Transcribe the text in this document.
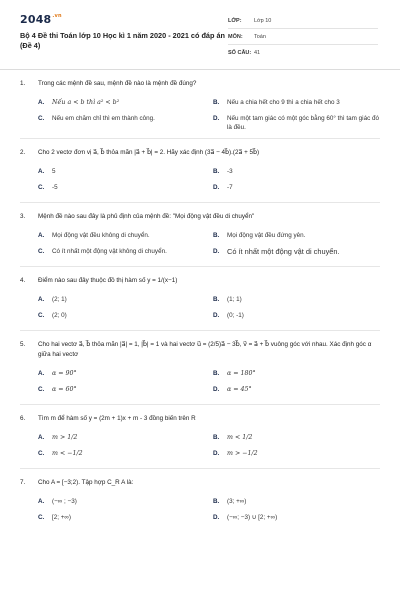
$2048^{.vn}$
Bộ 4 Đề thi Toán lớp 10 Học kì 1 năm 2020 - 2021 có đáp án (Đề 4)
LỚP:	Lớp 10
MÔN:	Toán
SỐ CÂU: 41
1.	Trong các mệnh đề sau, mệnh đề nào là mệnh đề đúng?
A.	Nếu a < b thì a² < b²	B.	Nếu a chia hết cho 9 thì a chia hết cho 3
C.	Nếu em chăm chỉ thì em thành công.	D.	Nếu một tam giác có một góc bằng 60° thì tam giác đó là đều.
2.	Cho 2 vectơ đơn vị a⃗, b⃗ thỏa mãn |a⃗ + b⃗| = 2. Hãy xác định (3a⃗ − 4b⃗).(2a⃗ + 5b⃗)
A.	5	B.	-3
C.	-5	D.	-7
3.	Mệnh đề nào sau đây là phủ định của mệnh đề: "Mọi động vật đều di chuyển"
A.	Mọi động vật đều không di chuyển.	B.	Mọi động vật đều đứng yên.
C.	Có ít nhất một động vật không di chuyển.	D.	Có ít nhất một động vật di chuyển.
4.	Điểm nào sau đây thuộc đồ thị hàm số y = 1/(x−1)
A.	(2; 1)	B.	(1; 1)
C.	(2; 0)	D.	(0; -1)
5.	Cho hai vectơ a⃗, b⃗ thỏa mãn |a⃗| = 1, |b⃗| = 1 và hai vectơ u⃗ = (2/5)a⃗ − 3b⃗, v⃗ = a⃗ + b⃗ vuông góc với nhau. Xác định góc α giữa hai vectơ
A.	α = 90°	B.	α = 180°
C.	α = 60°	D.	α = 45°
6.	Tìm m để hàm số y = (2m + 1)x + m - 3 đồng biến trên R
A.	m > 1/2	B.	m < 1/2
C.	m < −1/2	D.	m > −1/2
7.	Cho A = [−3;2). Tập hợp C_R A là:
A.	(−∞ ; −3)	B.	(3; +∞)
C.	[2; +∞)	D.	(−∞; −3) ∪ [2; +∞)
